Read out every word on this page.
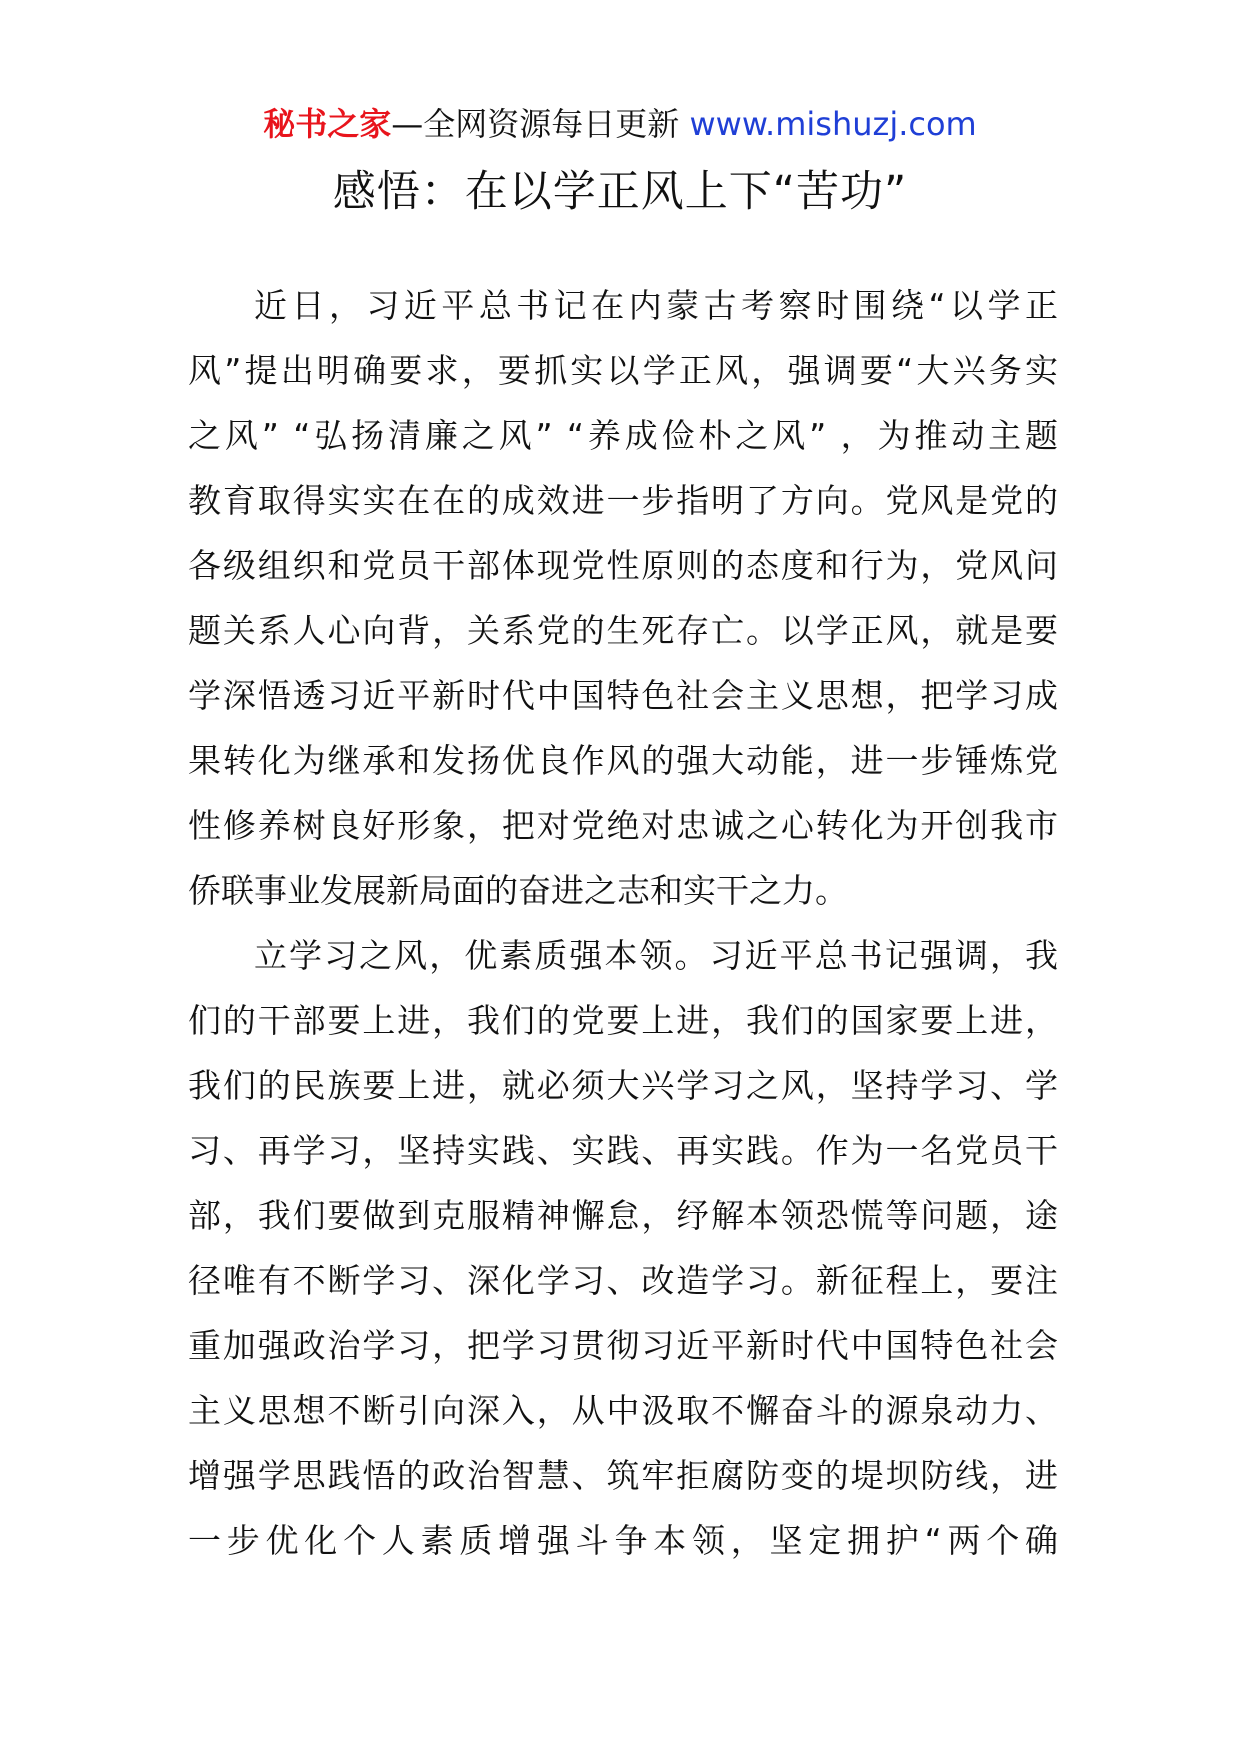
秘书之家—全网资源每日更新 www.mishuzj.com
感悟：在以学正风上下“苦功”
近日，习近平总书记在内蒙古考察时围绕“以学正
风”提出明确要求，要抓实以学正风，强调要“大兴务实
之风” “弘扬清廉之风” “养成俭朴之风” ，为推动主题
教育取得实实在在的成效进一步指明了方向。党风是党的
各级组织和党员干部体现党性原则的态度和行为，党风问
题关系人心向背，关系党的生死存亡。以学正风，就是要
学深悟透习近平新时代中国特色社会主义思想，把学习成
果转化为继承和发扬优良作风的强大动能，进一步锤炼党
性修养树良好形象，把对党绝对忠诚之心转化为开创我市
侨联事业发展新局面的奋进之志和实干之力。
立学习之风，优素质强本领。习近平总书记强调，我
们的干部要上进，我们的党要上进，我们的国家要上进，
我们的民族要上进，就必须大兴学习之风，坚持学习、学
习、再学习，坚持实践、实践、再实践。作为一名党员干
部，我们要做到克服精神懈怠，纾解本领恐慌等问题，途
径唯有不断学习、深化学习、改造学习。新征程上，要注
重加强政治学习，把学习贯彻习近平新时代中国特色社会
主义思想不断引向深入，从中汲取不懈奋斗的源泉动力、
增强学思践悟的政治智慧、筑牢拒腐防变的堤坝防线，进
一步优化个人素质增强斗争本领，坚定拥护“两个确
